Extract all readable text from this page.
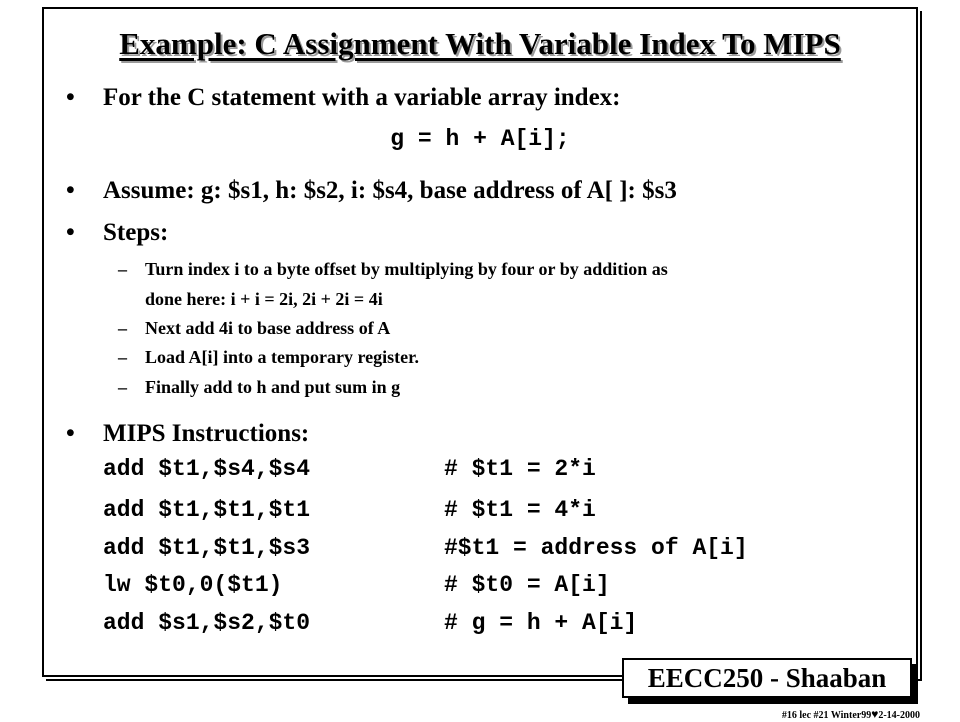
Example: C Assignment With Variable Index To MIPS
• For the C statement with a variable array index:
g = h + A[i];
• Assume: g: $s1, h: $s2, i: $s4, base address of A[ ]: $s3
• Steps:
– Turn index i to a byte offset by multiplying by four or by addition as
done here: i + i = 2i, 2i + 2i = 4i
– Next add 4i to base address of A
– Load A[i] into a temporary register.
– Finally add to h and put sum in g
• MIPS Instructions:
add $t1,$s4,$s4	# $t1 = 2*i
add $t1,$t1,$t1	# $t1 = 4*i
add $t1,$t1,$s3	#$t1 = address of A[i]
lw $t0,0($t1)	# $t0 = A[i]
add $s1,$s2,$t0	# g = h + A[i]
EECC250 - Shaaban
#16 lec #21 Winter99♥2-14-2000
